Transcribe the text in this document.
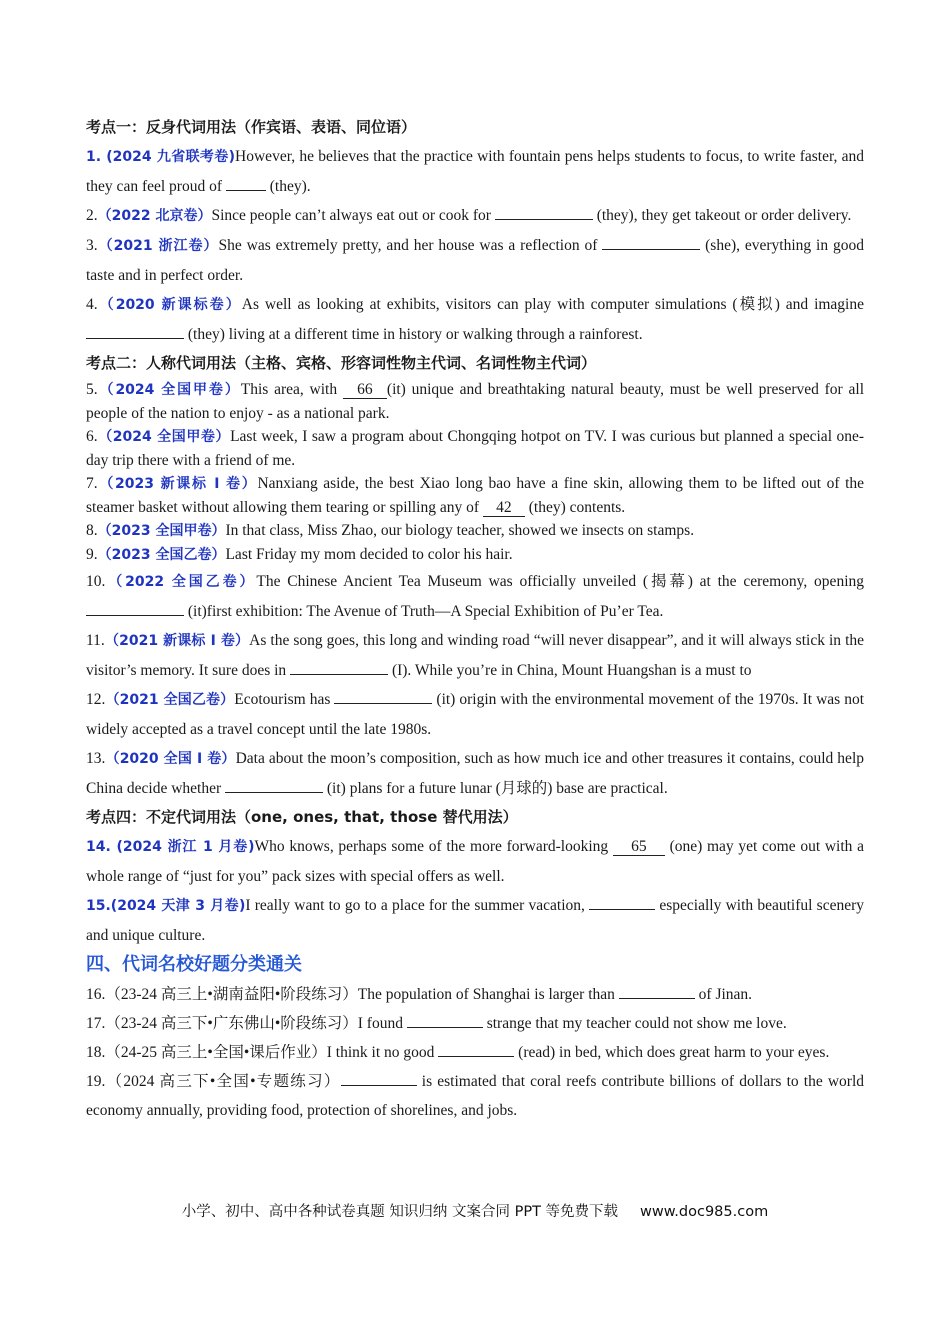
考点一：反身代词用法（作宾语、表语、同位语）

1. (2024 九省联考卷)However, he believes that the practice with fountain pens helps students to focus, to write faster, and they can feel proud of	(they).

2.（2022 北京卷）Since people can’t always eat out or cook for	(they), they get takeout or order delivery.

3.（2021 浙江卷）She was extremely pretty, and her house was a reflection of	(she), everything in good taste and in perfect order.

4.（2020 新课标卷）As well as looking at exhibits, visitors can play with computer simulations (模拟) and imagine  (they) living at a different time in history or walking through a rainforest.

考点二：人称代词用法（主格、宾格、形容词性物主代词、名词性物主代词）

5.（2024 全国甲卷）This area, with 66 (it) unique and breathtaking natural beauty, must be well preserved for all people of the nation to enjoy - as a national park.

6.（2024 全国甲卷）Last week, I saw a program about Chongqing hotpot on TV. I was curious but planned a special one-day trip there with a friend of me.

7.（2023 新课标 I 卷）Nanxiang aside, the best Xiao long bao have a fine skin, allowing them to be lifted out of the steamer basket without allowing them tearing or spilling any of 42 (they) contents.

8.（2023 全国甲卷）In that class, Miss Zhao, our biology teacher, showed we insects on stamps.

9.（2023 全国乙卷）Last Friday my mom decided to color his hair.

10.（2022 全国乙卷）The Chinese Ancient Tea Museum was officially unveiled (揭幕) at the ceremony, opening  (it)first exhibition: The Avenue of Truth—A Special Exhibition of Pu’er Tea.

11.（2021 新课标 I 卷）As the song goes, this long and winding road “will never disappear”, and it will always stick in the visitor’s memory. It sure does in	(I). While you’re in China, Mount Huangshan is a must to

12.（2021 全国乙卷）Ecotourism has	(it) origin with the environmental movement of the 1970s. It was not widely accepted as a travel concept until the late 1980s.

13.（2020 全国 I 卷）Data about the moon’s composition, such as how much ice and other treasures it contains, could help China decide whether	(it) plans for a future lunar (月球的) base are practical.

考点四：不定代词用法（one, ones, that, those 替代用法）

14. (2024 浙江 1 月卷)Who knows, perhaps some of the more forward-looking 65 (one) may yet come out with a whole range of “just for you” pack sizes with special offers as well.

15.(2024 天津 3 月卷)I really want to go to a place for the summer vacation,	especially with beautiful scenery and unique culture.

四、代词名校好题分类通关

16.（23-24 高三上•湖南益阳•阶段练习）The population of Shanghai is larger than	of Jinan.

17.（23-24 高三下•广东佛山•阶段练习）I found	strange that my teacher could not show me love.

18.（24-25 高三上•全国•课后作业）I think it no good	(read) in bed, which does great harm to your eyes.

19.（2024 高三下•全国•专题练习）	is estimated that coral reefs contribute billions of dollars to the world economy annually, providing food, protection of shorelines, and jobs.

小学、初中、高中各种试卷真题 知识归纳 文案合同 PPT 等免费下载 www.doc985.com
